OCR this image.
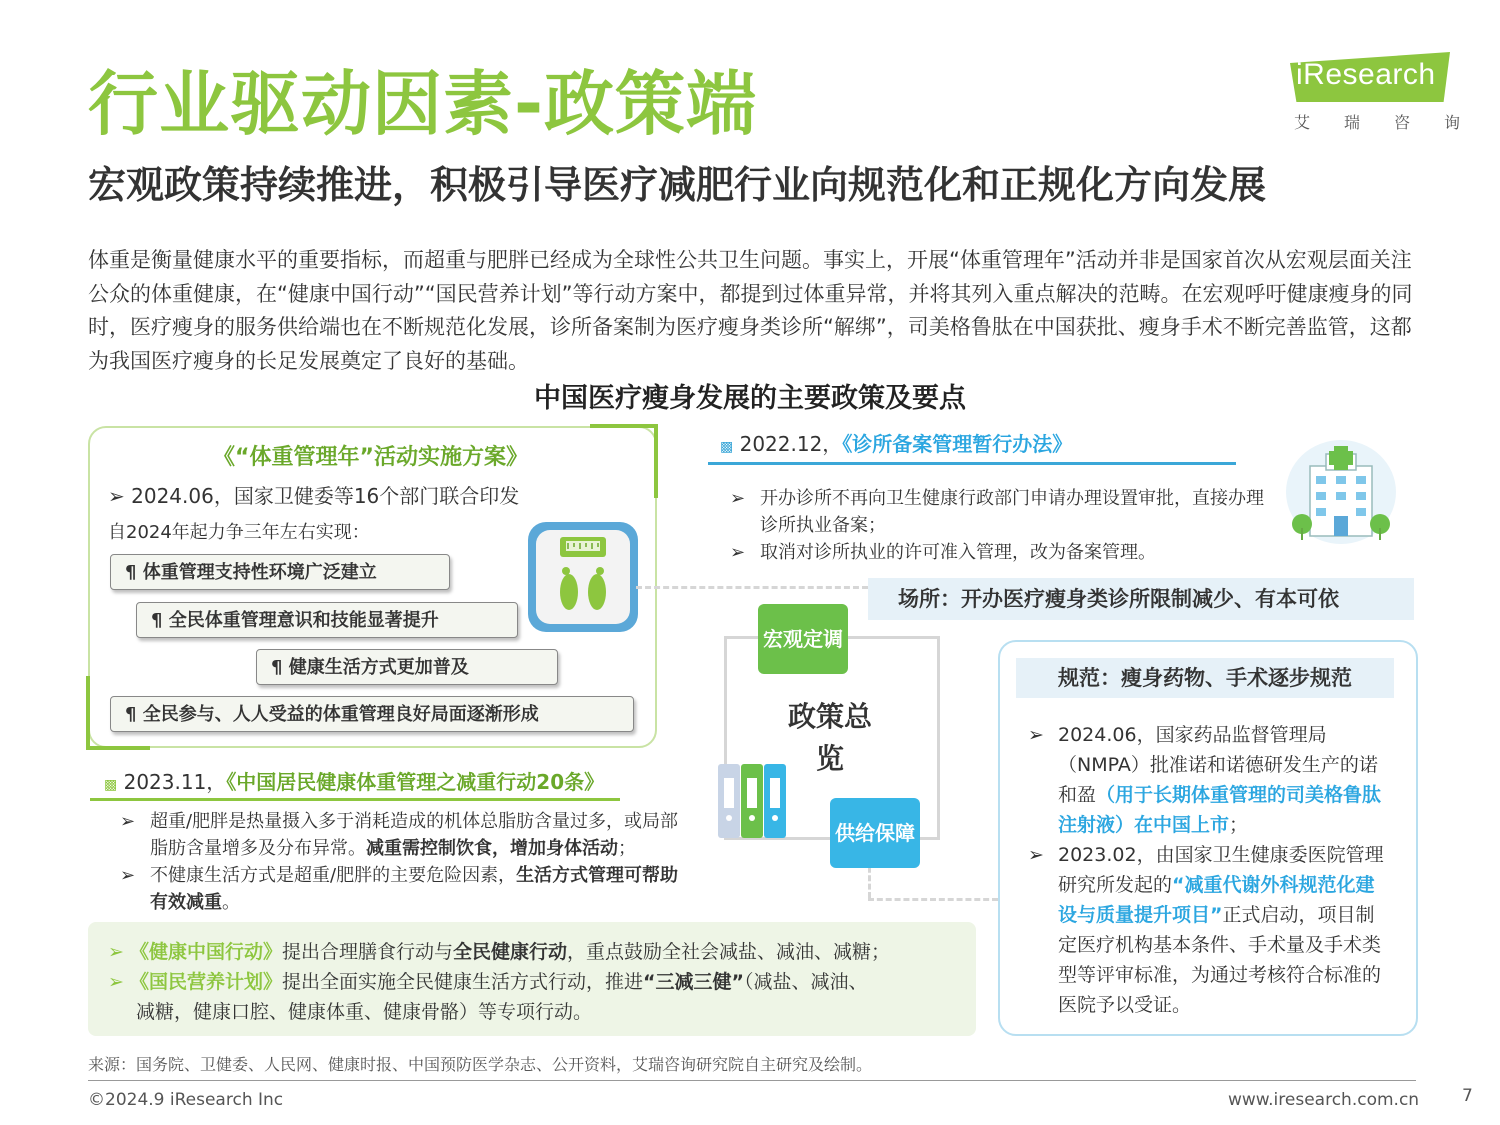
行业驱动因素-政策端
宏观政策持续推进，积极引导医疗减肥行业向规范化和正规化方向发展
iResearch
艾 瑞 咨 询
体重是衡量健康水平的重要指标，而超重与肥胖已经成为全球性公共卫生问题。事实上，开展“体重管理年”活动并非是国家首次从宏观层面关注公众的体重健康，在“健康中国行动”“国民营养计划”等行动方案中，都提到过体重异常，并将其列入重点解决的范畴。在宏观呼吁健康瘦身的同时，医疗瘦身的服务供给端也在不断规范化发展，诊所备案制为医疗瘦身类诊所“解绑”，司美格鲁肽在中国获批、瘦身手术不断完善监管，这都为我国医疗瘦身的长足发展奠定了良好的基础。
中国医疗瘦身发展的主要政策及要点
《“体重管理年”活动实施方案》
➢ 2024.06，国家卫健委等16个部门联合印发
自2024年起力争三年左右实现：
¶ 体重管理支持性环境广泛建立
¶ 全民体重管理意识和技能显著提升
¶ 健康生活方式更加普及
¶ 全民参与、人人受益的体重管理良好局面逐渐形成
▩ 2023.11，《中国居民健康体重管理之减重行动20条》
➢ 超重/肥胖是热量摄入多于消耗造成的机体总脂肪含量过多，或局部脂肪含量增多及分布异常。减重需控制饮食，增加身体活动；
➢ 不健康生活方式是超重/肥胖的主要危险因素，生活方式管理可帮助有效减重。
➢ 《健康中国行动》提出合理膳食行动与全民健康行动，重点鼓励全社会减盐、减油、减糖；
➢ 《国民营养计划》提出全面实施全民健康生活方式行动，推进“三减三健”（减盐、减油、
减糖，健康口腔、健康体重、健康骨骼）等专项行动。
▩ 2022.12，《诊所备案管理暂行办法》
➢ 开办诊所不再向卫生健康行政部门申请办理设置审批，直接办理诊所执业备案；
➢ 取消对诊所执业的许可准入管理，改为备案管理。
宏观定调
政策总览
供给保障
场所：开办医疗瘦身类诊所限制减少、有本可依
规范：瘦身药物、手术逐步规范
➢ 2024.06，国家药品监督管理局（NMPA）批准诺和诺德研发生产的诺和盈（用于长期体重管理的司美格鲁肽注射液）在中国上市；
➢ 2023.02，由国家卫生健康委医院管理研究所发起的“减重代谢外科规范化建设与质量提升项目”正式启动，项目制定医疗机构基本条件、手术量及手术类型等评审标准，为通过考核符合标准的医院予以受证。
来源：国务院、卫健委、人民网、健康时报、中国预防医学杂志、公开资料，艾瑞咨询研究院自主研究及绘制。
©2024.9 iResearch Inc	www.iresearch.com.cn	7
